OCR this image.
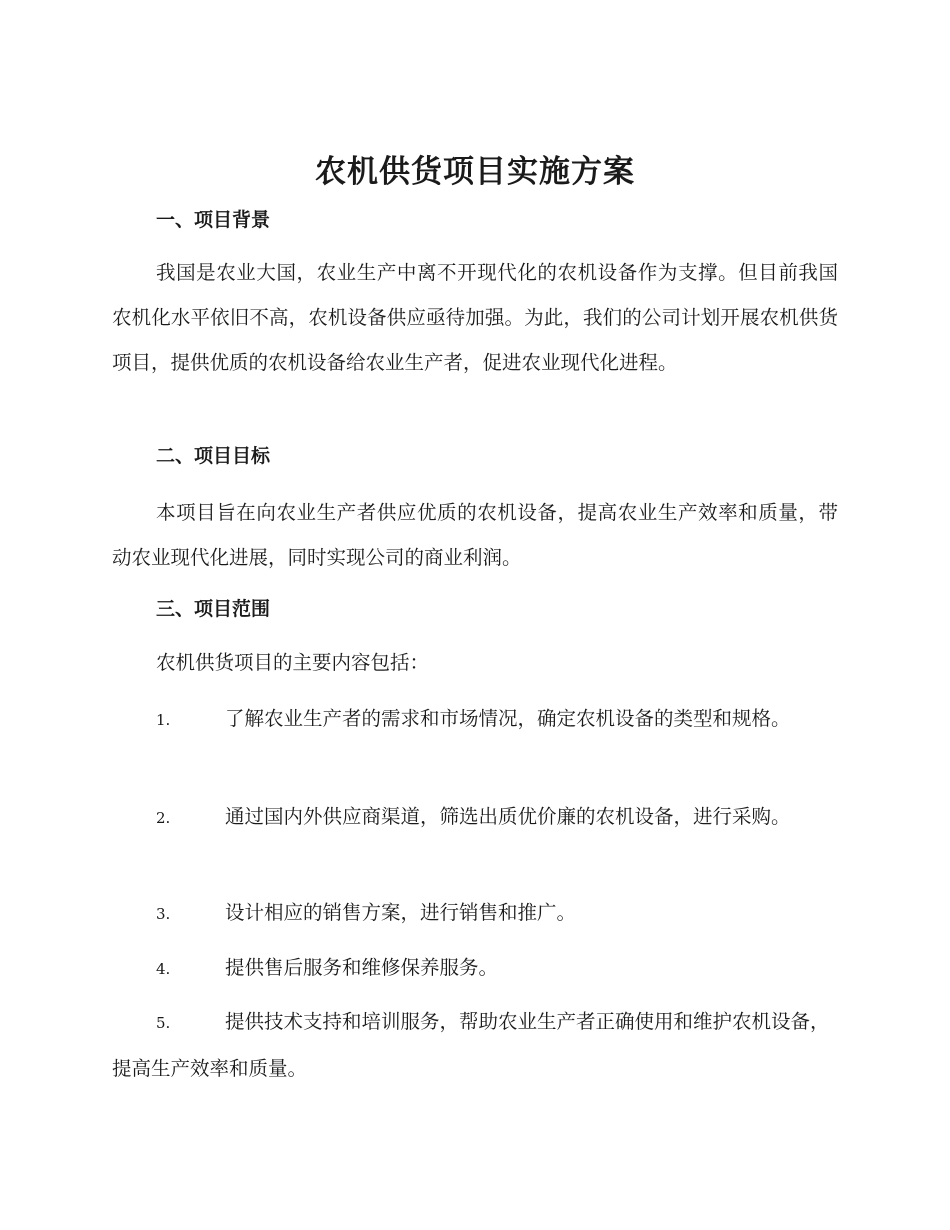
农机供货项目实施方案
一、项目背景

我国是农业大国，农业生产中离不开现代化的农机设备作为支撑。但目前我国农机化水平依旧不高，农机设备供应亟待加强。为此，我们的公司计划开展农机供货项目，提供优质的农机设备给农业生产者，促进农业现代化进程。

二、项目目标

本项目旨在向农业生产者供应优质的农机设备，提高农业生产效率和质量，带动农业现代化进展，同时实现公司的商业利润。

三、项目范围

农机供货项目的主要内容包括：

1.	了解农业生产者的需求和市场情况，确定农机设备的类型和规格。

2.	通过国内外供应商渠道，筛选出质优价廉的农机设备，进行采购。

3.	设计相应的销售方案，进行销售和推广。

4.	提供售后服务和维修保养服务。

5.	提供技术支持和培训服务，帮助农业生产者正确使用和维护农机设备，提高生产效率和质量。
